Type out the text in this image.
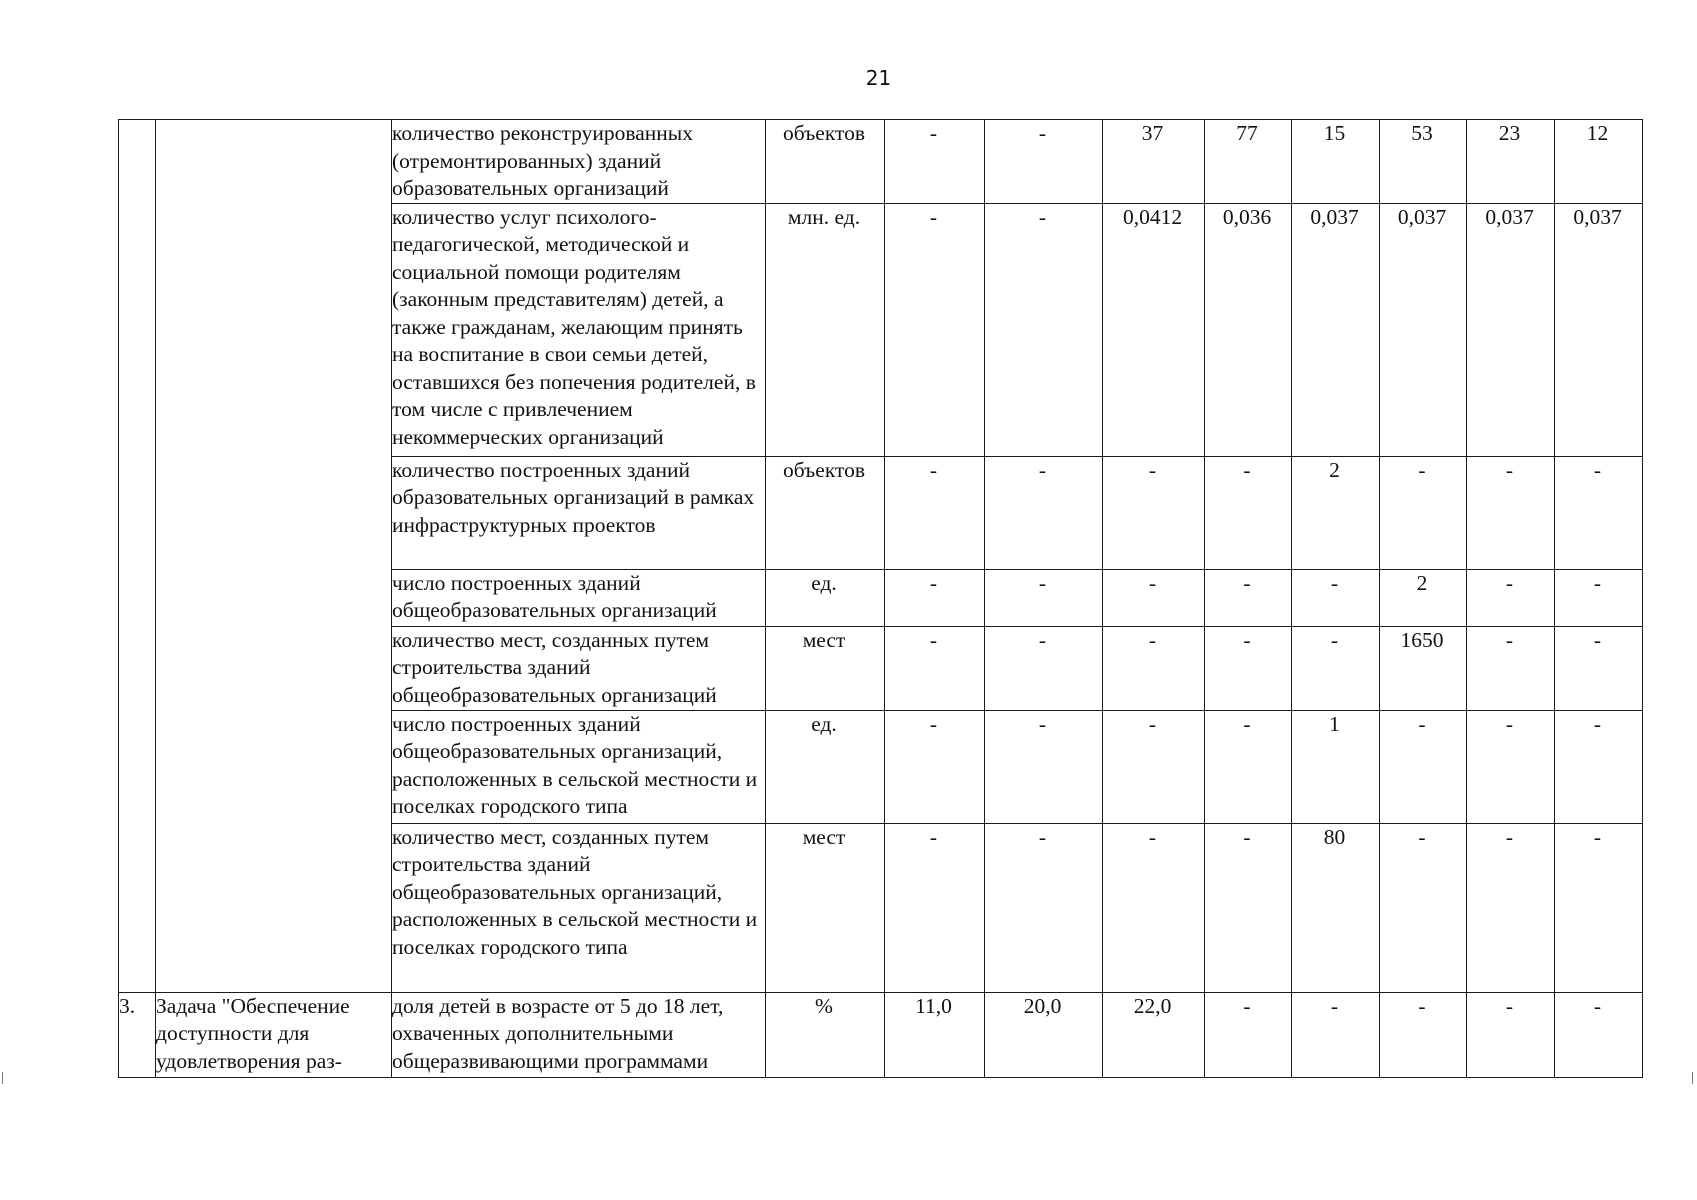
21
		количество реконструированных (отремонтированных) зданий образовательных организаций	объектов	-	-	37	77	15	53	23	12
		количество услуг психолого-педагогической, методической и социальной помощи родителям (законным представителям) детей, а также гражданам, желающим принять на воспитание в свои семьи детей, оставшихся без попечения родителей, в том числе с привлечением некоммерческих организаций	млн. ед.	-	-	0,0412	0,036	0,037	0,037	0,037	0,037
		количество построенных зданий образовательных организаций в рамках инфраструктурных проектов	объектов	-	-	-	-	2	-	-	-
		число построенных зданий общеобразовательных организаций	ед.	-	-	-	-	-	2	-	-
		количество мест, созданных путем строительства зданий общеобразовательных организаций	мест	-	-	-	-	-	1650	-	-
		число построенных зданий общеобразовательных организаций, расположенных в сельской местности и поселках городского типа	ед.	-	-	-	-	1	-	-	-
		количество мест, созданных путем строительства зданий общеобразовательных организаций, расположенных в сельской местности и поселках городского типа	мест	-	-	-	-	80	-	-	-
3.	Задача "Обеспечение доступности для удовлетворения раз-	доля детей в возрасте от 5 до 18 лет, охваченных дополнительными общеразвивающими программами	%	11,0	20,0	22,0	-	-	-	-	-
